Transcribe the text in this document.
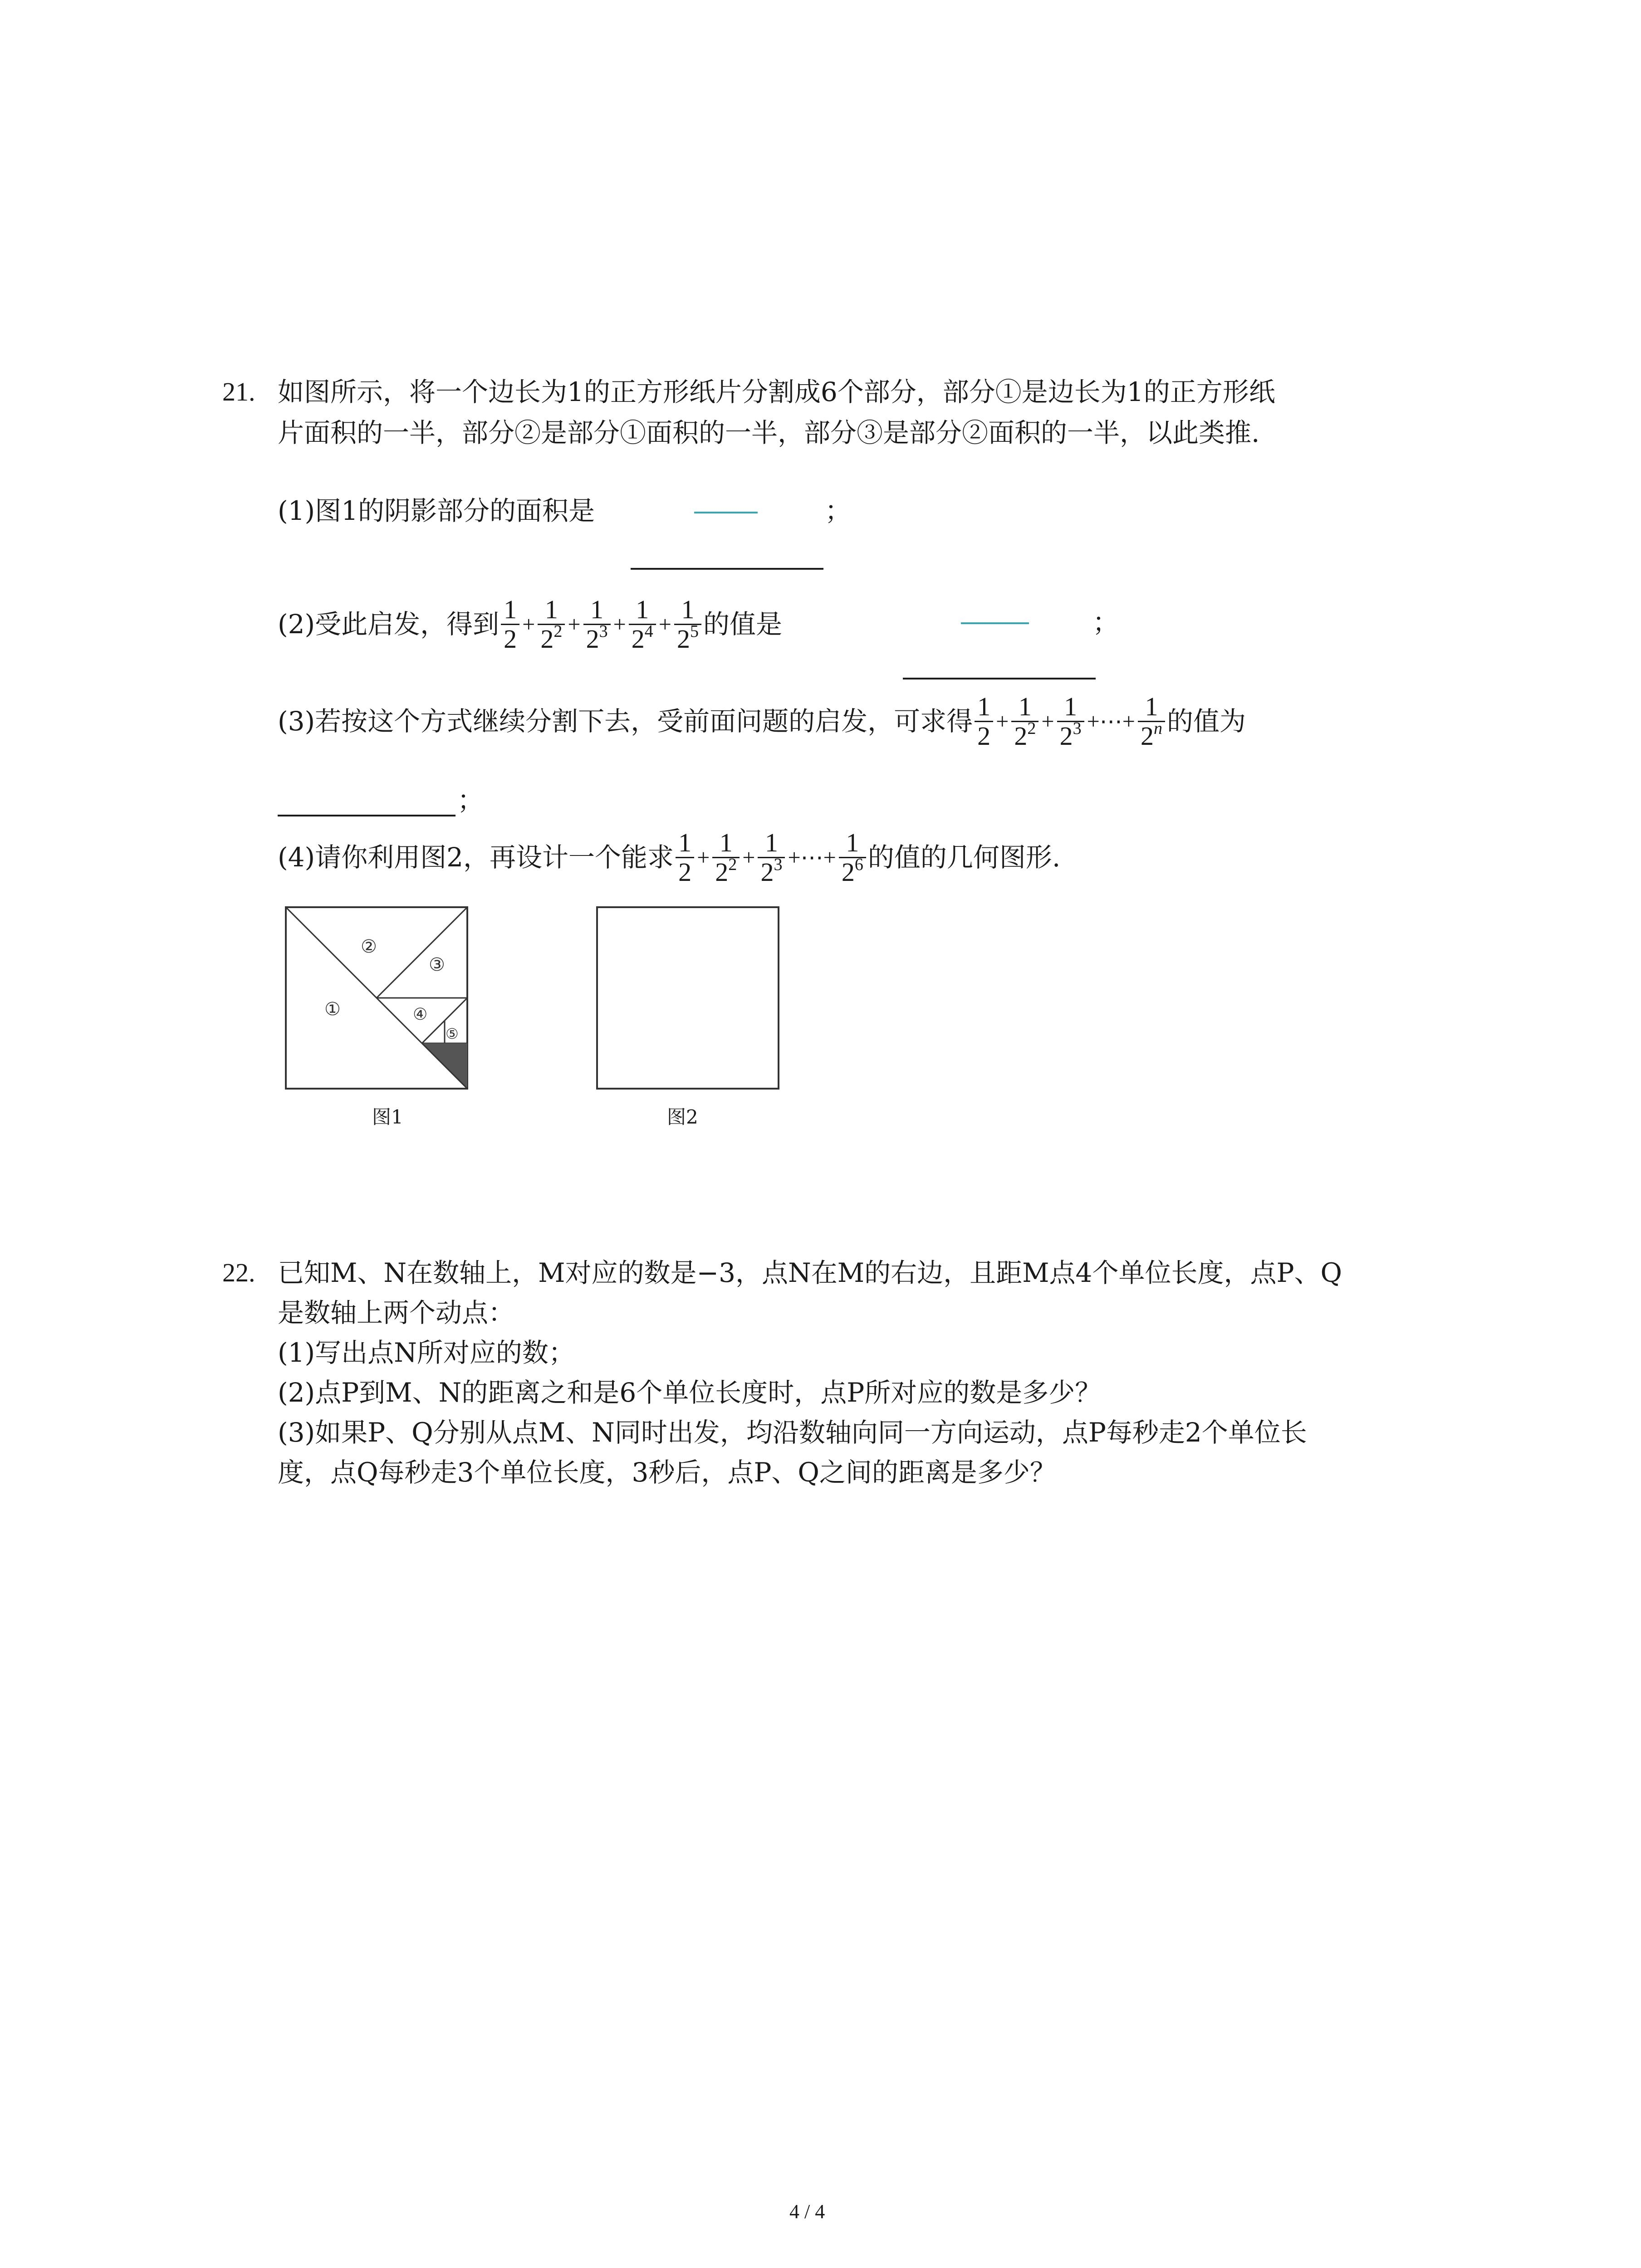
21. 如图所示，将一个边长为1的正方形纸片分割成6个部分，部分①是边长为1的正方形纸
片面积的一半，部分②是部分①面积的一半，部分③是部分②面积的一半，以此类推.
(1)图1的阴影部分的面积是	；
(2)受此启发，得到 $\frac{1}{2} + \frac{1}{2^2} + \frac{1}{2^3} + \frac{1}{2^4} + \frac{1}{2^5}$ 的值是	；
(3)若按这个方式继续分割下去，受前面问题的启发，可求得 $\frac{1}{2} + \frac{1}{2^2} + \frac{1}{2^3}$ +⋯+ $\frac{1}{2^n}$ 的值为
；
(4)请你利用图2，再设计一个能求 $\frac{1}{2} + \frac{1}{2^2} + \frac{1}{2^3}$ +⋯+ $\frac{1}{2^6}$ 的值的几何图形.
①
②
③
④
⑤
图1	图2
22. 已知M、N在数轴上，M对应的数是−3，点N在M的右边，且距M点4个单位长度，点P、Q
是数轴上两个动点：
(1)写出点N所对应的数；
(2)点P到M、N的距离之和是6个单位长度时，点P所对应的数是多少？
(3)如果P、Q分别从点M、N同时出发，均沿数轴向同一方向运动，点P每秒走2个单位长
度，点Q每秒走3个单位长度，3秒后，点P、Q之间的距离是多少？
4 / 4
